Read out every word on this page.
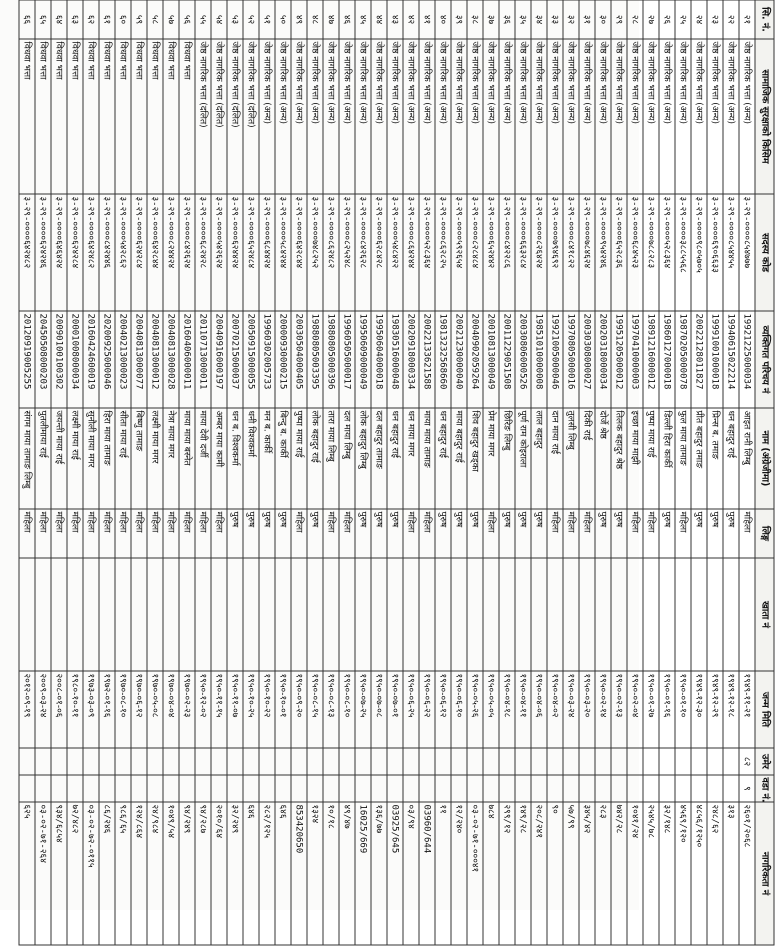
सि. नं.	सामाजिक सुरक्षाको किसिम	सदस्य कोड	व्यक्तिगत परिचय नं	नाम (अंग्रेजीमा)	लिङ्ग	खाता नं	जन्म मिति	उमेर	वडा नं.	नागरिकता नं
२१	जेष्ठ नागरिक भत्ता (अन्य)	३-२९-००००८५४७७७	19921225000034	आइत रानी लिम्बु	महिला		१९४९-११-२१	८२	९	२६०१/२०६८
२२	जेष्ठ नागरिक भत्ता (अन्य)	३-२९-००००८५४४५५	19940615022214	धन बहादुर राई	पुरुष		१९४९-१२-१८			३१३
२३	जेष्ठ नागरिक भत्ता (अन्य)	३-२९-००००६९०६६३३	19991001000018	प्रिन्स ब. तमाङ	पुरुष		१९४९-१२-२९			२४८/६२
२४	जेष्ठ नागरिक भत्ता (अन्य)	३-२९-००००९८०५७०५	20022128011827	प्रीत बहादुर तमाङ	पुरुष		१९४९-१२-३०			४८५६/१२५०
२५	जेष्ठ नागरिक भत्ता (अन्य)	३-२९-००००३८८५५६८	19870205000078	फुल माया तामाङ	महिला		१९५०-०१-१०			४५६९/१२०
२६	जेष्ठ नागरिक भत्ता (अन्य)	३-२९-००००५२८३६४	19860127000018	डिल्ली हिरा कार्की	पुरुष		१९५०-०१-१६			३२/१४८
२७	जेष्ठ नागरिक भत्ता (अन्य)	३-२९-००००७८८२८३	19891216000012	पुष्पा माया राई	महिला		१९५०-०१-२७			२५४५/७८
२८	जेष्ठ नागरिक भत्ता (अन्य)	३-२९-००००६८४५२३	19970410000003	इच्छा माया माझी	महिला		१९५०-०२-०४			१०४१/२४
२९	जेष्ठ नागरिक भत्ता (अन्य)	३-२९-००००६५२८३६	19951205000012	तिलक बहादुर श्रेष्ठ	पुरुष		१९५०-०२-१३			७४२/२८
३०	जेष्ठ नागरिक भत्ता (अन्य)	३-२९-००००९५४२४६	20020318000034	दोर्जे श्रेष्ठ	पुरुष		१९५०-०२-१४			२८३
३१	जेष्ठ नागरिक भत्ता (अन्य)	३-२९-००००७८४६२४	20030308000027	दिकी राई	महिला		१९५०-०३-२०			३४५/४२
३२	जेष्ठ नागरिक भत्ता (अन्य)	३-२९-००००८४१८२२	19970805000016	तुलसी लिम्बु	महिला		१९५०-०३-२४			५७/९९
३३	जेष्ठ नागरिक भत्ता (अन्य)	३-२९-००००७९४६९२	19921005000046	दान माया राई	महिला		१९५०-०४-०२			९०
३४	जेष्ठ नागरिक भत्ता (अन्य)	३-२९-००००८२६४२४	19851010000008	लाल बहादुर	पुरुष		१९५०-०४-०६			२०८/२४१
३५	जेष्ठ नागरिक भत्ता (अन्य)	३-२९-००००६६३२८४	20030806000526	पूर्ण राम कोइराला	पुरुष		१९५०-०४-११			१४९/२८
३६	जेष्ठ नागरिक भत्ता (अन्य)	३-२९-००००८४२२८६	20011229051508	छिरिङ लिम्बु	पुरुष		१९५०-०४-१८			२९९/१२
३७	जेष्ठ नागरिक भत्ता (अन्य)	३-२९-००००६५२४४२	20010813000049	प्रेम माया मगर	महिला		१९५०-०५-०५			७८४
३८	जेष्ठ नागरिक भत्ता (अन्य)	३-२९-००००८२८४८४	20040902059264	शिव बहादुर खड्का	पुरुष		१९५०-०५-२६			०३-०२-७१-०००४१
३९	जेष्ठ नागरिक भत्ता (अन्य)	३-२९-००००५९२६५४	20021230000040	माया बहादुर राई	पुरुष		१९५०-०६-१०			१२/२४०
४०	जेष्ठ नागरिक भत्ता (अन्य)	३-२९-००००८६२८२५	19813232568660	धन बहादुर राई	पुरुष		१९५०-०६-१२			११
४१	जेष्ठ नागरिक भत्ता (अन्य)	३-२९-००००५२८३६४	20022133621588	माया माया तामाङ	महिला		१९५०-०६-२२			03960/644
४२	जेष्ठ नागरिक भत्ता (अन्य)	३-२९-००००८६४२४४	20020918000334	धन माया मगर	महिला		१९५०-०६-२५			०३/९४
४३	जेष्ठ नागरिक भत्ता (अन्य)	३-२९-००००५४८४२२	19830516000048	धन बहादुर राई	पुरुष		१९५०-०७-०१			03925/645
४४	जेष्ठ नागरिक भत्ता (अन्य)	३-२९-००००६२८४२८	19950604000018	दल बहादुर तामाङ	पुरुष		१९५०-०७-०८			१३६/७७
४५	जेष्ठ नागरिक भत्ता (अन्य)	३-२९-००००८४२६२८	19950609000049	लोक बहादुर लिम्बु	पुरुष		१९५०-०७-२५			16025/669
४६	जेष्ठ नागरिक भत्ता (अन्य)	३-२९-००००८२५२४८	19960505000017	दल माया लिम्बु	महिला		१९५०-०८-१०			४९/४७
४७	जेष्ठ नागरिक भत्ता (अन्य)	३-२९-००००८६२४८२	19880805000396	तारा माया लिम्बु	महिला		१९५०-०८-१३			१०/१८
४८	जेष्ठ नागरिक भत्ता (अन्य)	३-२९-००००७४८२५२	19880805003395	लोक बहादुर राई	पुरुष		१९५०-०८-१५			१३२४
४९	जेष्ठ नागरिक भत्ता (अन्य)	३-२९-००००६४२८४४	20030504000405	पुष्पा माया राई	महिला		१९५०-०९-२०			853420650
५०	जेष्ठ नागरिक भत्ता (अन्य)	३-२९-००००५८४२४४	20000930000215	बिन्दु ब. कार्की	पुरुष		१९५०-१०-०१			६४६
५१	जेष्ठ नागरिक भत्ता (अन्य)	३-२९-००००६८४४२४	19960302005733	मन ब. कार्की	पुरुष		१९५०-१०-२२			२८२/१२५
५२	जेष्ठ नागरिक भत्ता (दलित)	३-२९-००००६५२४८४	20050915000055	धनी विश्वकर्मा	पुरुष		१९५०-१०-२५			६४६
५३	जेष्ठ नागरिक भत्ता (दलित)	३-२९-००००६२४४२४	20070215000037	धन ब. विश्वकर्मा	पुरुष		१९५०-११-०७			३२/२४९
५४	जेष्ठ नागरिक भत्ता (दलित)	३-२९-००००५४२६२४	20040916000197	अम्बर माया कामी	महिला		१९५०-११-१५			२०१०/६४
५५	जेष्ठ नागरिक भत्ता (दलित)	३-२९-००००६८२४२८	20110713000011	माया देवी दर्जी	महिला		१९५०-१२-०२			९४/२८७
५६	विधवा भत्ता	३-२९-००००८४२६२४	20160406000011	माया माया बस्नेत	महिला		१९७०-०२-२३			९४/२४९
५७	विधवा भत्ता	३-२९-००००८२४४२४	20040813000028	नेत्रा माया मगर	महिला		१९७०-०४-०४			१०४९/५४
५८	विधवा भत्ता	३-२९-००००६४२८४४	20040813000012	लक्ष्मी माया मगर	महिला		१९७०-०५-०८			२४/९८४
५९	विधवा भत्ता	३-२९-००००६२४२८४	20040813000077	बिष्णु तामाङ	महिला		१९७०-०६-१२			१२४/८६४
६०	विधवा भत्ता	३-२९-००००५४२८६२	20040213000023	सीता माया राई	महिला		१९७०-०८-१०			९८६/६५
६१	विधवा भत्ता	३-२९-००००८४२४४६	20200925000046	हिरा माया तामाङ	महिला		१९७२-०१-१६			८६/२४६
६२	विधवा भत्ता	३-२९-००००६४२४८२	20160424600019	सुनौली माया मगर	महिला		१९७३-०३-०९			०३-०२-७२-०११५
६३	विधवा भत्ता	३-२९-००००६२४२८४	20001008000034	लक्ष्मी माया राई	महिला		१९८०-१०-११			७२/४८२
६४	विधवा भत्ता	३-२९-००००६४६४२४	20090100100302	जयन्ती माया राई	महिला		२००८-०१-०६			९३४/६८५४
६५	विधवा भत्ता	३-२९-००००६२४२४६	20450508000203	पुतलीमाया राई	महिला		२००९-०३-२४			०३-०२-७१-२६४
६६	विधवा भत्ता	३-२९-००००६४२४८२	20120919005255	संगम माया तामाङ लिम्बु	महिला		२०१२-०९-१९			६२५
